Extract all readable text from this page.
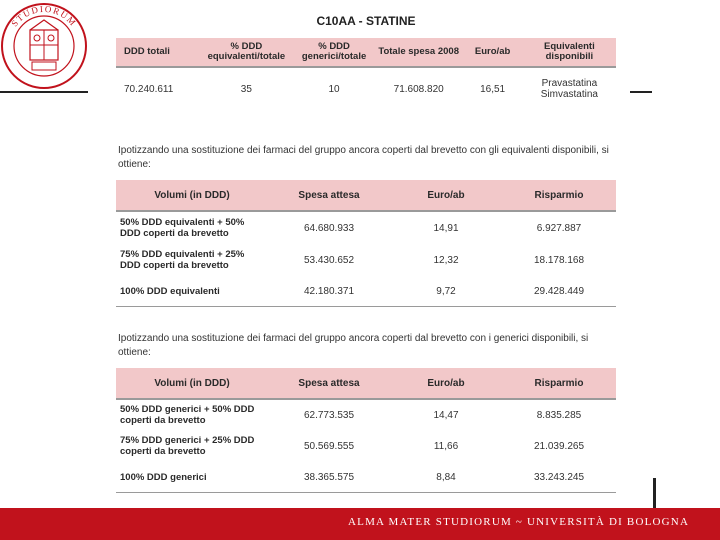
STUDIORUM	C10AA - STATINE
DDD totali	% DDD equivalenti/totale	% DDD generici/totale	Totale spesa 2008	Euro/ab	Equivalenti disponibili

70.240.611	35	10	71.608.820	16,51	Pravastatina Simvastatina
Ipotizzando una sostituzione dei farmaci del gruppo ancora coperti dal brevetto con gli equivalenti disponibili, si ottiene:
Volumi (in DDD)	Spesa attesa	Euro/ab	Risparmio

50% DDD equivalenti + 50% DDD coperti da brevetto	64.680.933	14,91	6.927.887
75% DDD equivalenti + 25% DDD coperti da brevetto	53.430.652	12,32	18.178.168
100% DDD equivalenti	42.180.371	9,72	29.428.449

Ipotizzando una sostituzione dei farmaci del gruppo ancora coperti dal brevetto con i generici disponibili, si ottiene:
Volumi (in DDD)	Spesa attesa	Euro/ab	Risparmio

50% DDD generici + 50% DDD coperti da brevetto	62.773.535	14,47	8.835.285
75% DDD generici + 25% DDD coperti da brevetto	50.569.555	11,66	21.039.265
100% DDD generici	38.365.575	8,84	33.243.245

ALMA MATER STUDIORUM ~ UNIVERSITÀ DI BOLOGNA
